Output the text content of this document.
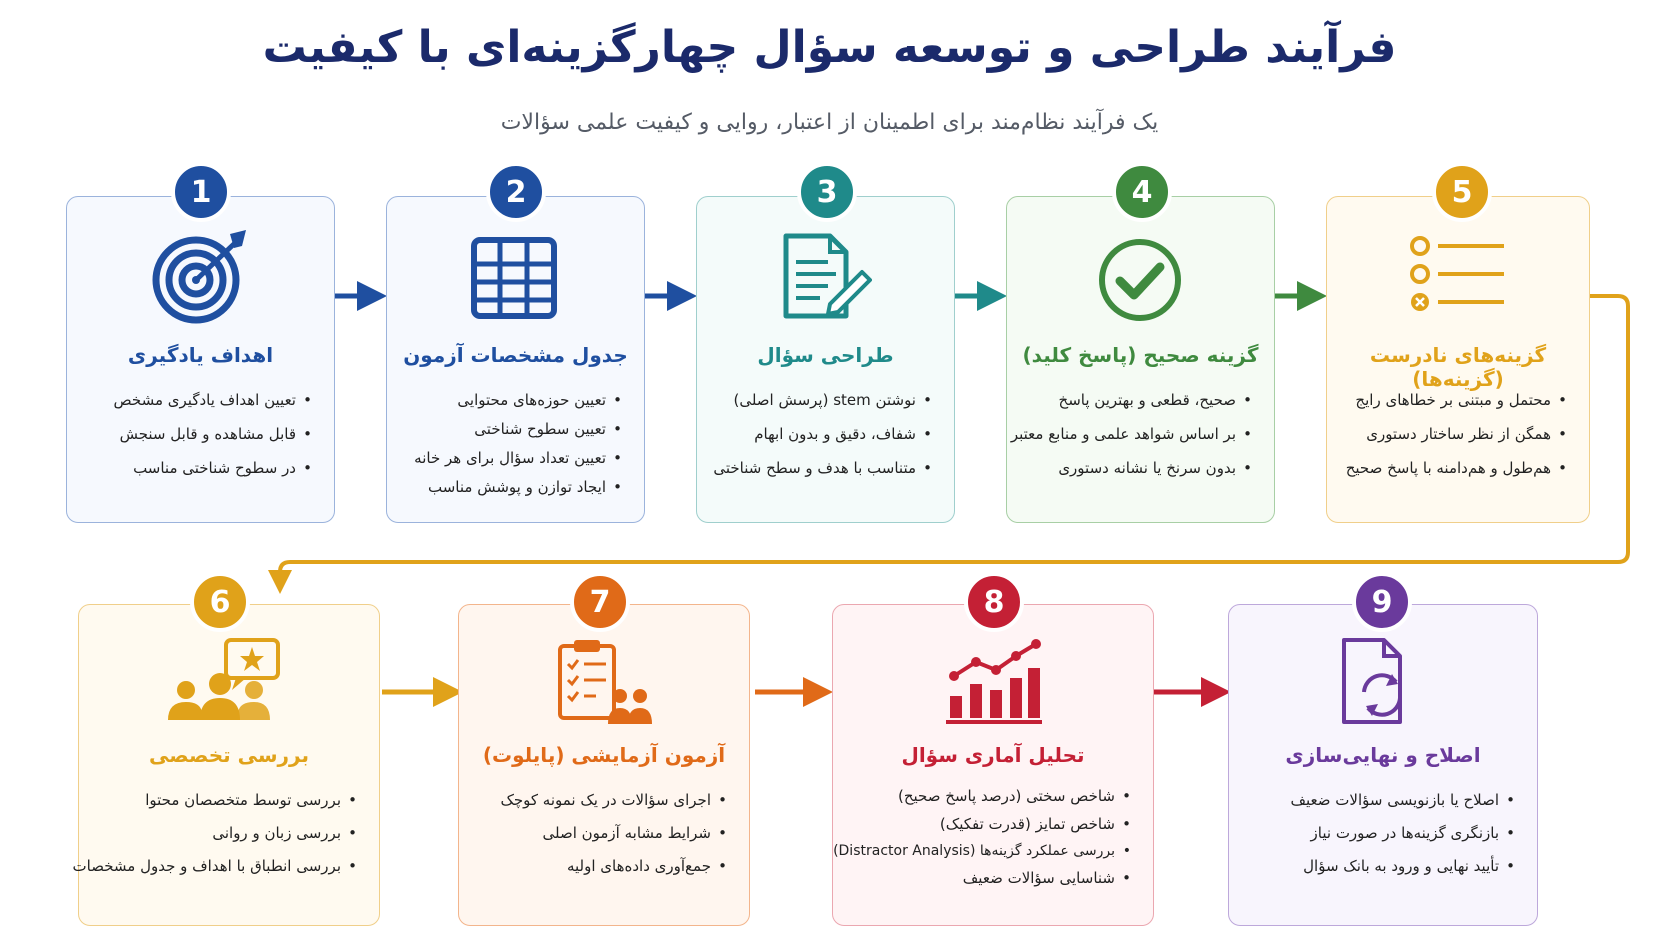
فرآیند طراحی و توسعه سؤال چهارگزینه‌ای با کیفیت
یک فرآیند نظام‌مند برای اطمینان از اعتبار، روایی و کیفیت علمی سؤالات
اهداف یادگیری
• تعیین اهداف یادگیری مشخص
• قابل مشاهده و قابل سنجش
• در سطوح شناختی مناسب
1
جدول مشخصات آزمون
• تعیین حوزه‌های محتوایی
• تعیین سطوح شناختی
• تعیین تعداد سؤال برای هر خانه
• ایجاد توازن و پوشش مناسب
2
طراحی سؤال
• نوشتن stem (پرسش اصلی)
• شفاف، دقیق و بدون ابهام
• متناسب با هدف و سطح شناختی
3
گزینه صحیح (پاسخ کلید)
• صحیح، قطعی و بهترین پاسخ
• بر اساس شواهد علمی و منابع معتبر
• بدون سرنخ یا نشانه دستوری
4
گزینه‌های نادرست (گزینه‌ها)
• محتمل و مبتنی بر خطاهای رایج
• همگن از نظر ساختار دستوری
• هم‌طول و هم‌دامنه با پاسخ صحیح
5
بررسی تخصصی
• بررسی توسط متخصصان محتوا
• بررسی زبان و روانی
• بررسی انطباق با اهداف و جدول مشخصات
6
آزمون آزمایشی (پایلوت)
• اجرای سؤالات در یک نمونه کوچک
• شرایط مشابه آزمون اصلی
• جمع‌آوری داده‌های اولیه
7
تحلیل آماری سؤال
• شاخص سختی (درصد پاسخ صحیح)
• شاخص تمایز (قدرت تفکیک)
• بررسی عملکرد گزینه‌ها (Distractor Analysis)
• شناسایی سؤالات ضعیف
8
اصلاح و نهایی‌سازی
• اصلاح یا بازنویسی سؤالات ضعیف
• بازنگری گزینه‌ها در صورت نیاز
• تأیید نهایی و ورود به بانک سؤال
9
